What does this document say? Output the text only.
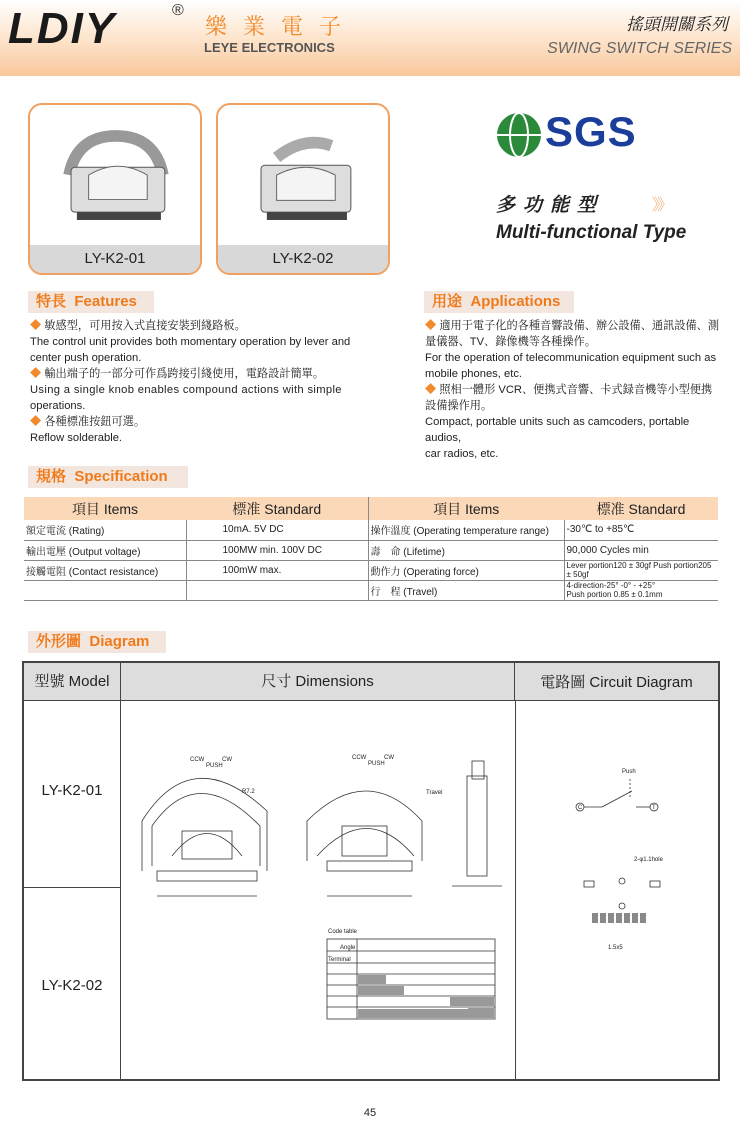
LDIY	®
樂業電子
LEYE ELECTRONICS
搖頭開關系列
SWING SWITCH SERIES
LY-K2-01	LY-K2-02
SGS
多功能型	》》
Multi-functional Type
特長 Features
◆ 敏感型，可用按入式直接安裝到綫路板。
The control unit provides both momentary operation by lever and
center push operation.
◆ 輸出端子的一部分可作爲跨接引綫使用，電路設計簡單。
Using a single knob enables compound actions with simple
operations.
◆ 各種標准按鈕可選。
Reflow solderable.
用途 Applications
◆ 適用于電子化的各種音響設備、辦公設備、通訊設備、測
量儀器、TV、錄像機等各種操作。
For the operation of telecommunication equipment such as
mobile phones, etc.
◆ 照相一體形 VCR、便携式音響、卡式録音機等小型便携
設備操作用。
Compact, portable units such as camcoders, portable audios,
car radios, etc.
規格 Specification
項目 Items	標准 Standard	項目 Items	標准 Standard
額定電流 (Rating)	10mA. 5V DC	操作溫度 (Operating temperature range)	-30℃ to +85℃
輸出電壓 (Output voltage)	100MW min. 100V DC	壽　命 (Lifetime)	90,000 Cycles min
接觸電阻 (Contact resistance)	100mW max.	動作力 (Operating force)	Lever portion120 ± 30gf Push portion205 ± 50gf
		行　程 (Travel)	4-direction-25° -0° - +25°
Push portion 0.85 ± 0.1mm
外形圖 Diagram
型號 Model	尺寸 Dimensions	電路圖 Circuit Diagram
LY-K2-01
LY-K2-02
CCW	CW
PUSH
R7.2
CCW	CW
PUSH
Travel
Code table
Angle
Terminal
Push
C	T
2-φ1.1hole
1.5x5
45
